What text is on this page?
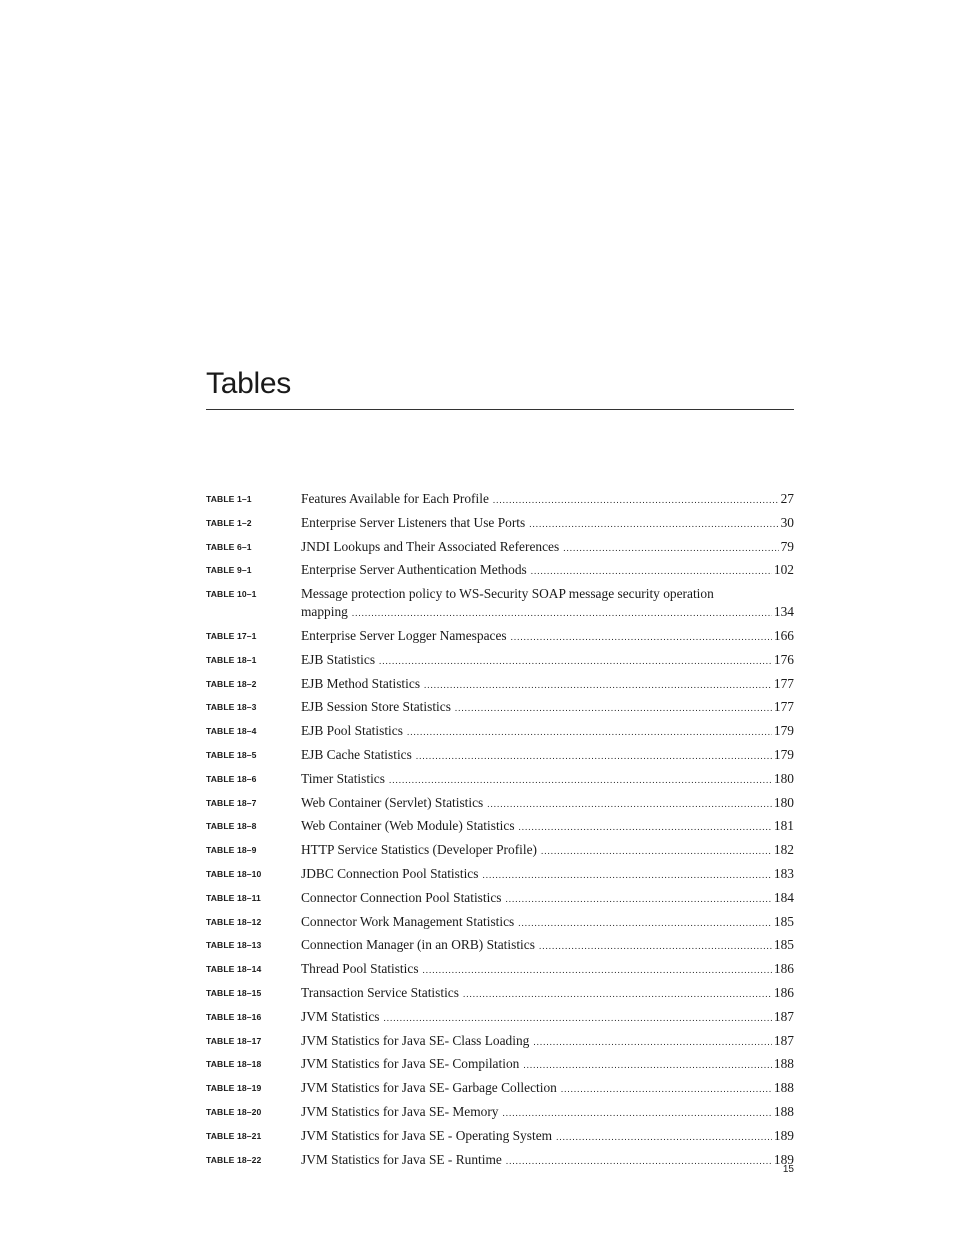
Tables
TABLE 1–1	Features Available for Each Profile .....	27
TABLE 1–2	Enterprise Server Listeners that Use Ports .....	30
TABLE 6–1	JNDI Lookups and Their Associated References .....	79
TABLE 9–1	Enterprise Server Authentication Methods .....	102
TABLE 10–1	Message protection policy to WS-Security SOAP message security operation
mapping .....	134
TABLE 17–1	Enterprise Server Logger Namespaces .....	166
TABLE 18–1	EJB Statistics .....	176
TABLE 18–2	EJB Method Statistics .....	177
TABLE 18–3	EJB Session Store Statistics .....	177
TABLE 18–4	EJB Pool Statistics .....	179
TABLE 18–5	EJB Cache Statistics .....	179
TABLE 18–6	Timer Statistics .....	180
TABLE 18–7	Web Container (Servlet) Statistics .....	180
TABLE 18–8	Web Container (Web Module) Statistics .....	181
TABLE 18–9	HTTP Service Statistics (Developer Profile) .....	182
TABLE 18–10	JDBC Connection Pool Statistics .....	183
TABLE 18–11	Connector Connection Pool Statistics .....	184
TABLE 18–12	Connector Work Management Statistics .....	185
TABLE 18–13	Connection Manager (in an ORB) Statistics .....	185
TABLE 18–14	Thread Pool Statistics .....	186
TABLE 18–15	Transaction Service Statistics .....	186
TABLE 18–16	JVM Statistics .....	187
TABLE 18–17	JVM Statistics for Java SE- Class Loading .....	187
TABLE 18–18	JVM Statistics for Java SE- Compilation .....	188
TABLE 18–19	JVM Statistics for Java SE- Garbage Collection .....	188
TABLE 18–20	JVM Statistics for Java SE- Memory .....	188
TABLE 18–21	JVM Statistics for Java SE - Operating System .....	189
TABLE 18–22	JVM Statistics for Java SE - Runtime .....	189
15
